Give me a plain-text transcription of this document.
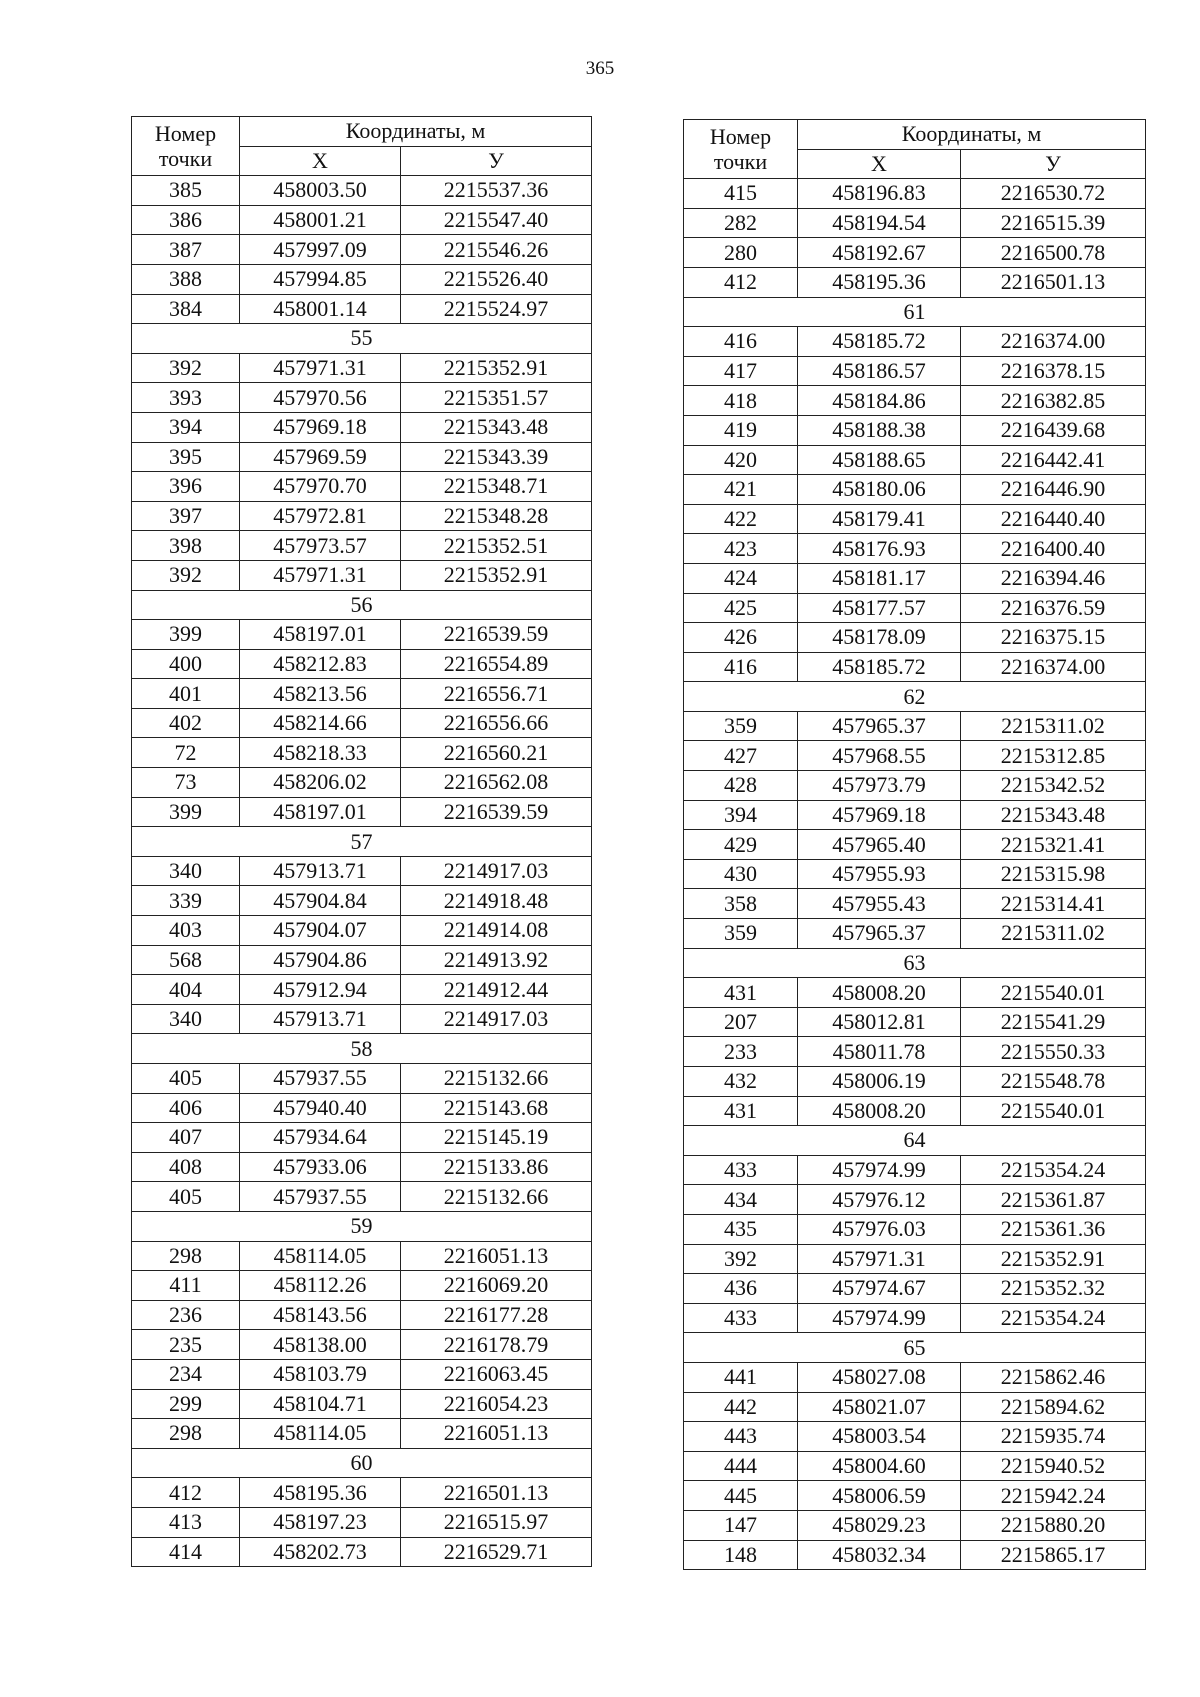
365
Номер точки	Координаты, м	
	X	У
385	458003.50	2215537.36
386	458001.21	2215547.40
387	457997.09	2215546.26
388	457994.85	2215526.40
384	458001.14	2215524.97
55		
392	457971.31	2215352.91
393	457970.56	2215351.57
394	457969.18	2215343.48
395	457969.59	2215343.39
396	457970.70	2215348.71
397	457972.81	2215348.28
398	457973.57	2215352.51
392	457971.31	2215352.91
56		
399	458197.01	2216539.59
400	458212.83	2216554.89
401	458213.56	2216556.71
402	458214.66	2216556.66
72	458218.33	2216560.21
73	458206.02	2216562.08
399	458197.01	2216539.59
57		
340	457913.71	2214917.03
339	457904.84	2214918.48
403	457904.07	2214914.08
568	457904.86	2214913.92
404	457912.94	2214912.44
340	457913.71	2214917.03
58		
405	457937.55	2215132.66
406	457940.40	2215143.68
407	457934.64	2215145.19
408	457933.06	2215133.86
405	457937.55	2215132.66
59		
298	458114.05	2216051.13
411	458112.26	2216069.20
236	458143.56	2216177.28
235	458138.00	2216178.79
234	458103.79	2216063.45
299	458104.71	2216054.23
298	458114.05	2216051.13
60		
412	458195.36	2216501.13
413	458197.23	2216515.97
414	458202.73	2216529.71
Номер точки	Координаты, м	
	X	У
415	458196.83	2216530.72
282	458194.54	2216515.39
280	458192.67	2216500.78
412	458195.36	2216501.13
61		
416	458185.72	2216374.00
417	458186.57	2216378.15
418	458184.86	2216382.85
419	458188.38	2216439.68
420	458188.65	2216442.41
421	458180.06	2216446.90
422	458179.41	2216440.40
423	458176.93	2216400.40
424	458181.17	2216394.46
425	458177.57	2216376.59
426	458178.09	2216375.15
416	458185.72	2216374.00
62		
359	457965.37	2215311.02
427	457968.55	2215312.85
428	457973.79	2215342.52
394	457969.18	2215343.48
429	457965.40	2215321.41
430	457955.93	2215315.98
358	457955.43	2215314.41
359	457965.37	2215311.02
63		
431	458008.20	2215540.01
207	458012.81	2215541.29
233	458011.78	2215550.33
432	458006.19	2215548.78
431	458008.20	2215540.01
64		
433	457974.99	2215354.24
434	457976.12	2215361.87
435	457976.03	2215361.36
392	457971.31	2215352.91
436	457974.67	2215352.32
433	457974.99	2215354.24
65		
441	458027.08	2215862.46
442	458021.07	2215894.62
443	458003.54	2215935.74
444	458004.60	2215940.52
445	458006.59	2215942.24
147	458029.23	2215880.20
148	458032.34	2215865.17
